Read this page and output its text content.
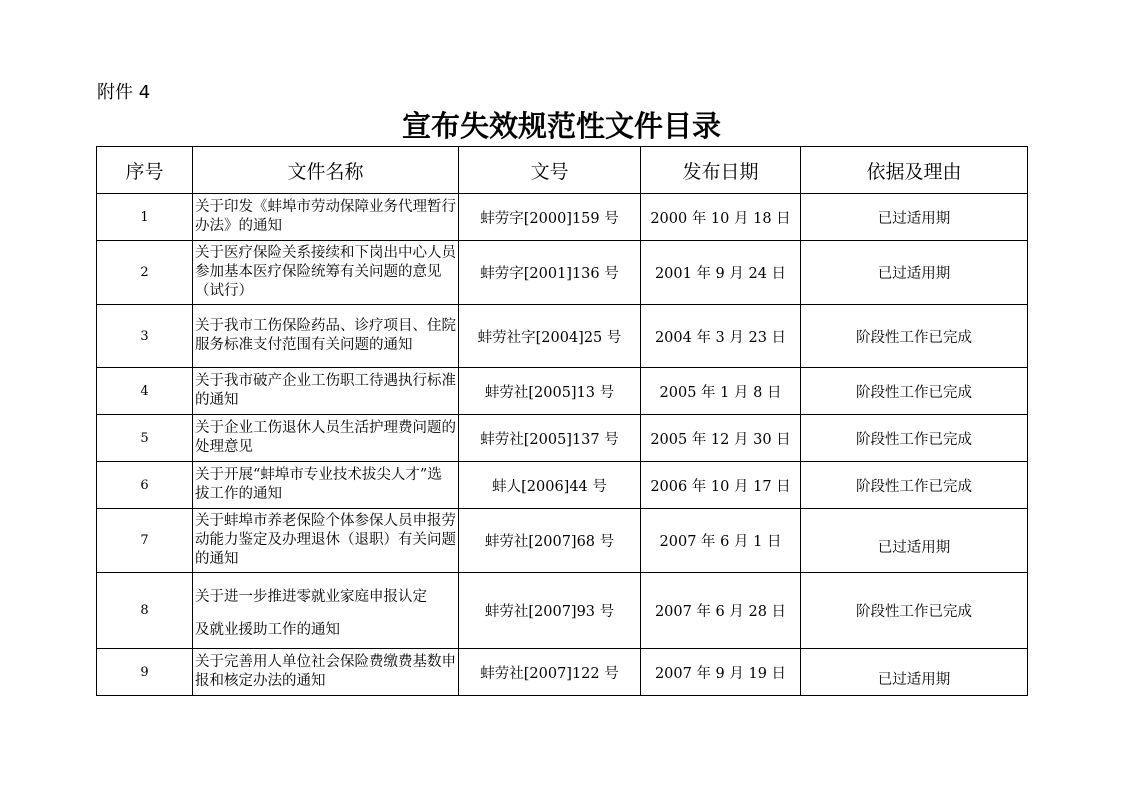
附件 4
宣布失效规范性文件目录
序号	文件名称	文号	发布日期	依据及理由
1	关于印发《蚌埠市劳动保障业务代理暂行办法》的通知	蚌劳字[2000]159 号	2000 年 10 月 18 日	已过适用期
2	关于医疗保险关系接续和下岗出中心人员参加基本医疗保险统筹有关问题的意见（试行）	蚌劳字[2001]136 号	2001 年 9 月 24 日	已过适用期
3	关于我市工伤保险药品、诊疗项目、住院服务标准支付范围有关问题的通知	蚌劳社字[2004]25 号	2004 年 3 月 23 日	阶段性工作已完成
4	关于我市破产企业工伤职工待遇执行标准的通知	蚌劳社[2005]13 号	2005 年 1 月 8 日	阶段性工作已完成
5	关于企业工伤退休人员生活护理费问题的处理意见	蚌劳社[2005]137 号	2005 年 12 月 30 日	阶段性工作已完成
6	关于开展“蚌埠市专业技术拔尖人才”选拔工作的通知	蚌人[2006]44 号	2006 年 10 月 17 日	阶段性工作已完成
7	关于蚌埠市养老保险个体参保人员申报劳动能力鉴定及办理退休（退职）有关问题的通知	蚌劳社[2007]68 号	2007 年 6 月 1 日	已过适用期
8	关于进一步推进零就业家庭申报认定
及就业援助工作的通知	蚌劳社[2007]93 号	2007 年 6 月 28 日	阶段性工作已完成
9	关于完善用人单位社会保险费缴费基数申报和核定办法的通知	蚌劳社[2007]122 号	2007 年 9 月 19 日	已过适用期
